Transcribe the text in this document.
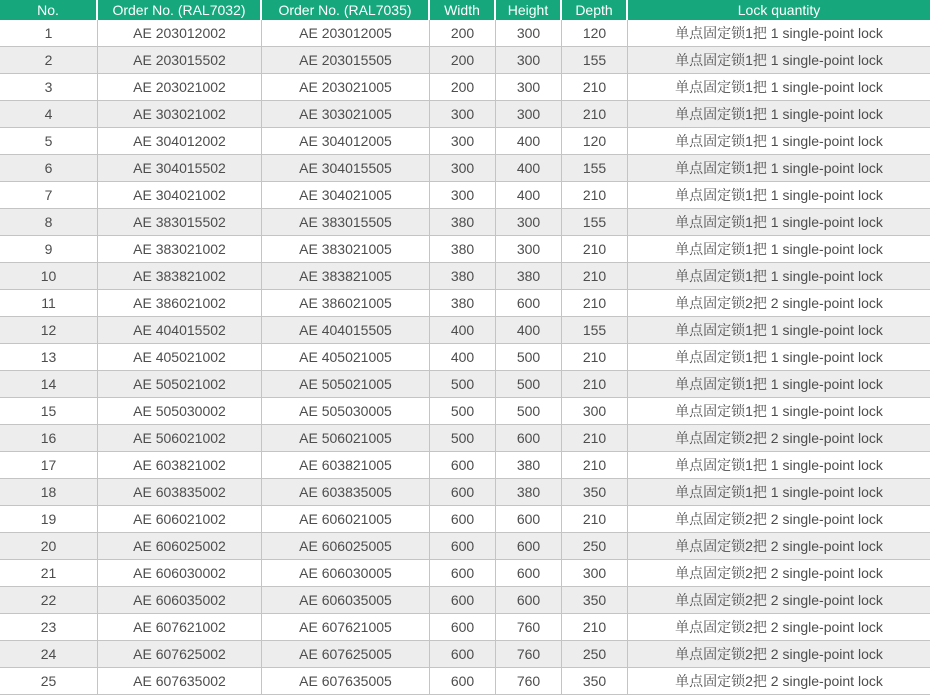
No.	Order No. (RAL7032)	Order No. (RAL7035)	Width	Height	Depth	Lock quantity
1	AE 203012002	AE 203012005	200	300	120	单点固定锁1把 1 single-point lock
2	AE 203015502	AE 203015505	200	300	155	单点固定锁1把 1 single-point lock
3	AE 203021002	AE 203021005	200	300	210	单点固定锁1把 1 single-point lock
4	AE 303021002	AE 303021005	300	300	210	单点固定锁1把 1 single-point lock
5	AE 304012002	AE 304012005	300	400	120	单点固定锁1把 1 single-point lock
6	AE 304015502	AE 304015505	300	400	155	单点固定锁1把 1 single-point lock
7	AE 304021002	AE 304021005	300	400	210	单点固定锁1把 1 single-point lock
8	AE 383015502	AE 383015505	380	300	155	单点固定锁1把 1 single-point lock
9	AE 383021002	AE 383021005	380	300	210	单点固定锁1把 1 single-point lock
10	AE 383821002	AE 383821005	380	380	210	单点固定锁1把 1 single-point lock
11	AE 386021002	AE 386021005	380	600	210	单点固定锁2把 2 single-point lock
12	AE 404015502	AE 404015505	400	400	155	单点固定锁1把 1 single-point lock
13	AE 405021002	AE 405021005	400	500	210	单点固定锁1把 1 single-point lock
14	AE 505021002	AE 505021005	500	500	210	单点固定锁1把 1 single-point lock
15	AE 505030002	AE 505030005	500	500	300	单点固定锁1把 1 single-point lock
16	AE 506021002	AE 506021005	500	600	210	单点固定锁2把 2 single-point lock
17	AE 603821002	AE 603821005	600	380	210	单点固定锁1把 1 single-point lock
18	AE 603835002	AE 603835005	600	380	350	单点固定锁1把 1 single-point lock
19	AE 606021002	AE 606021005	600	600	210	单点固定锁2把 2 single-point lock
20	AE 606025002	AE 606025005	600	600	250	单点固定锁2把 2 single-point lock
21	AE 606030002	AE 606030005	600	600	300	单点固定锁2把 2 single-point lock
22	AE 606035002	AE 606035005	600	600	350	单点固定锁2把 2 single-point lock
23	AE 607621002	AE 607621005	600	760	210	单点固定锁2把 2 single-point lock
24	AE 607625002	AE 607625005	600	760	250	单点固定锁2把 2 single-point lock
25	AE 607635002	AE 607635005	600	760	350	单点固定锁2把 2 single-point lock
